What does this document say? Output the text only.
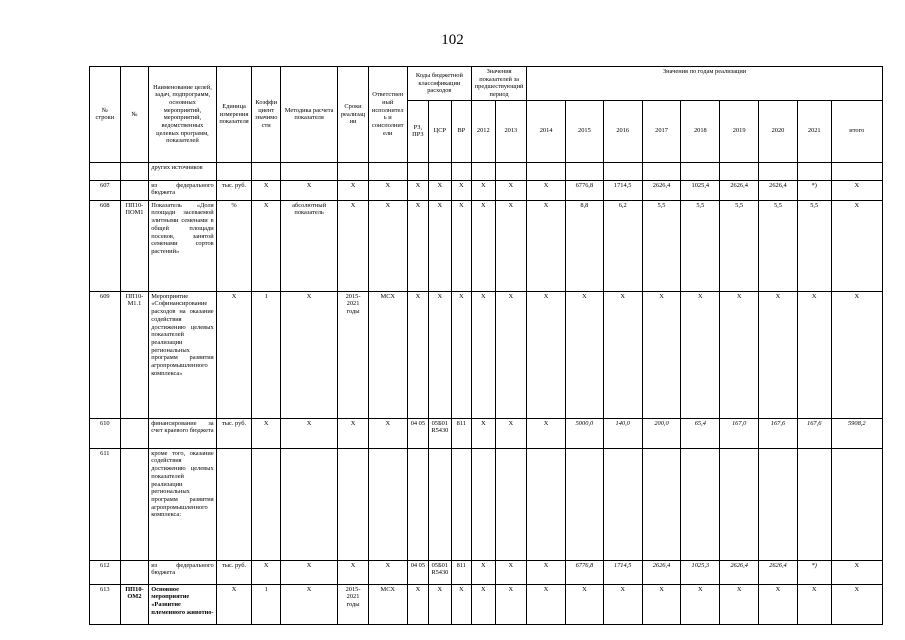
102
№ строки	№	Наименование целей, задач, подпрограмм, основных мероприятий, мероприятий, ведомственных целевых программ, показателей	Единица измерения показателя	Коэффициент значимости	Методика расчета показателя	Сроки реализации	Ответственный исполнитель и соисполнители	Коды бюджетной классификации расходов			Значения показателей за предшествующий период		Значения по годам реализации								
								РЗ, ПРЗ	ЦСР	ВР	2012	2013	2014	2015	2016	2017	2018	2019	2020	2021	итого
		других источников																			
607		из федерального бюджета	тыс. руб.	X	X	X	X	X	X	X	X	X	X	6776,8	1714,5	2626,4	1025,4	2626,4	2626,4	*)	X
608	ПП10-ПОМ1	Показатель «Доля площади засеваемой элитными семенами в общей площади посевов, занятой семенами сортов растений»	%	X	абсолютный показатель	X	X	X	X	X	X	X	X	8,8	6,2	5,5	5,5	5,5	5,5	5,5	X
609	ПП10-М1.1	Мероприятие «Софинансирование расходов на оказание содействия достижению целевых показателей реализации региональных программ развития агропромышленного комплекса»	X	1	X	2015-2021 годы	МСХ	X	X	X	X	X	X	X	X	X	X	X	X	X	X
610		финансирование за счет краевого бюджета	тыс. руб.	X	X	X	X	04 05	05Б01 R5430	811	X	X	X	5000,0	140,0	200,0	65,4	167,0	167,6	167,6	5908,2
611		кроме того, оказание содействия достижению целевых показателей реализации региональных программ развития агропромышленного комплекса:																			
612		из федерального бюджета	тыс. руб.	X	X	X	X	04 05	05Б01 R5430	811	X	X	X	6776,8	1714,5	2626,4	1025,3	2626,4	2626,4	*)	X
613	ПП10-ОМ2	Основное мероприятие «Развитие племенного животно-	X	1	X	2015-2021 годы	МСХ	X	X	X	X	X	X	X	X	X	X	X	X	X	X
